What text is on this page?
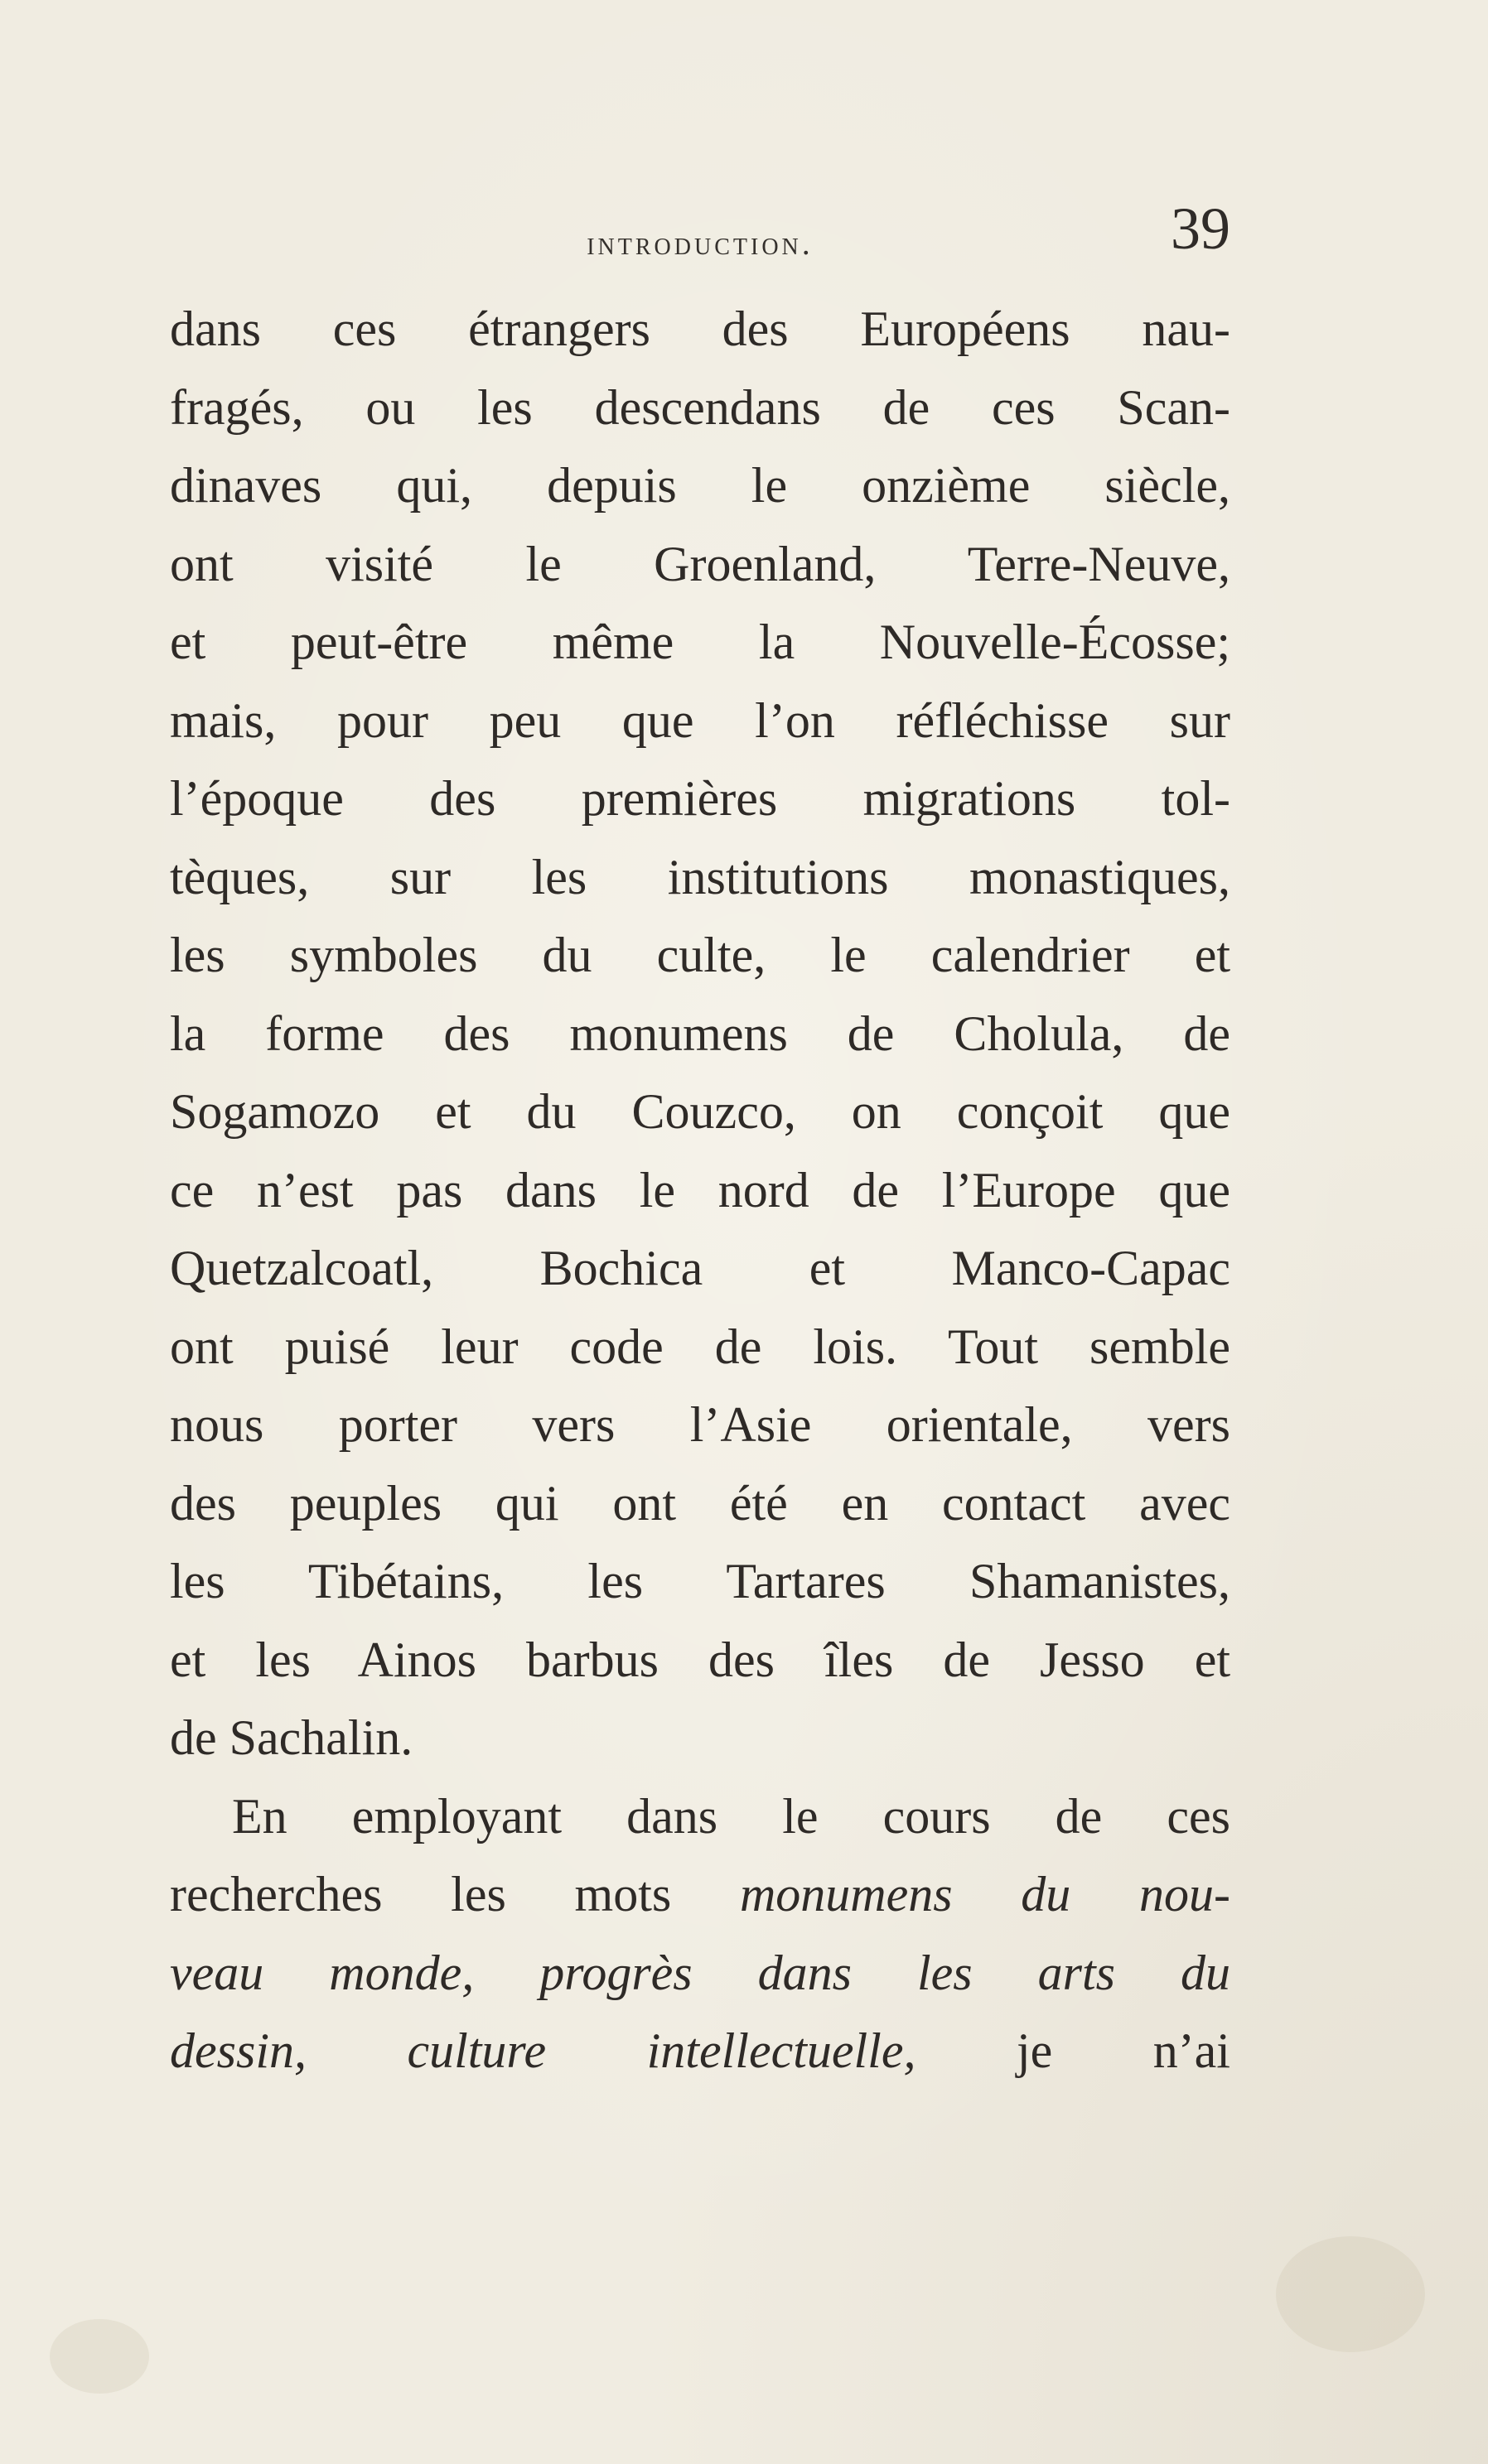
introduction.	39
dans ces étrangers des Européens nau-
fragés, ou les descendans de ces Scan-
dinaves qui, depuis le onzième siècle,
ont visité le Groenland, Terre-Neuve,
et peut-être même la Nouvelle-Écosse;
mais, pour peu que l’on réfléchisse sur
l’époque des premières migrations tol-
tèques, sur les institutions monastiques,
les symboles du culte, le calendrier et
la forme des monumens de Cholula, de
Sogamozo et du Couzco, on conçoit que
ce n’est pas dans le nord de l’Europe que
Quetzalcoatl, Bochica et Manco-Capac
ont puisé leur code de lois. Tout semble
nous porter vers l’Asie orientale, vers
des peuples qui ont été en contact avec
les Tibétains, les Tartares Shamanistes,
et les Ainos barbus des îles de Jesso et
de Sachalin.
En employant dans le cours de ces
recherches les mots monumens du nou-
veau monde, progrès dans les arts du
dessin, culture intellectuelle, je n’ai
